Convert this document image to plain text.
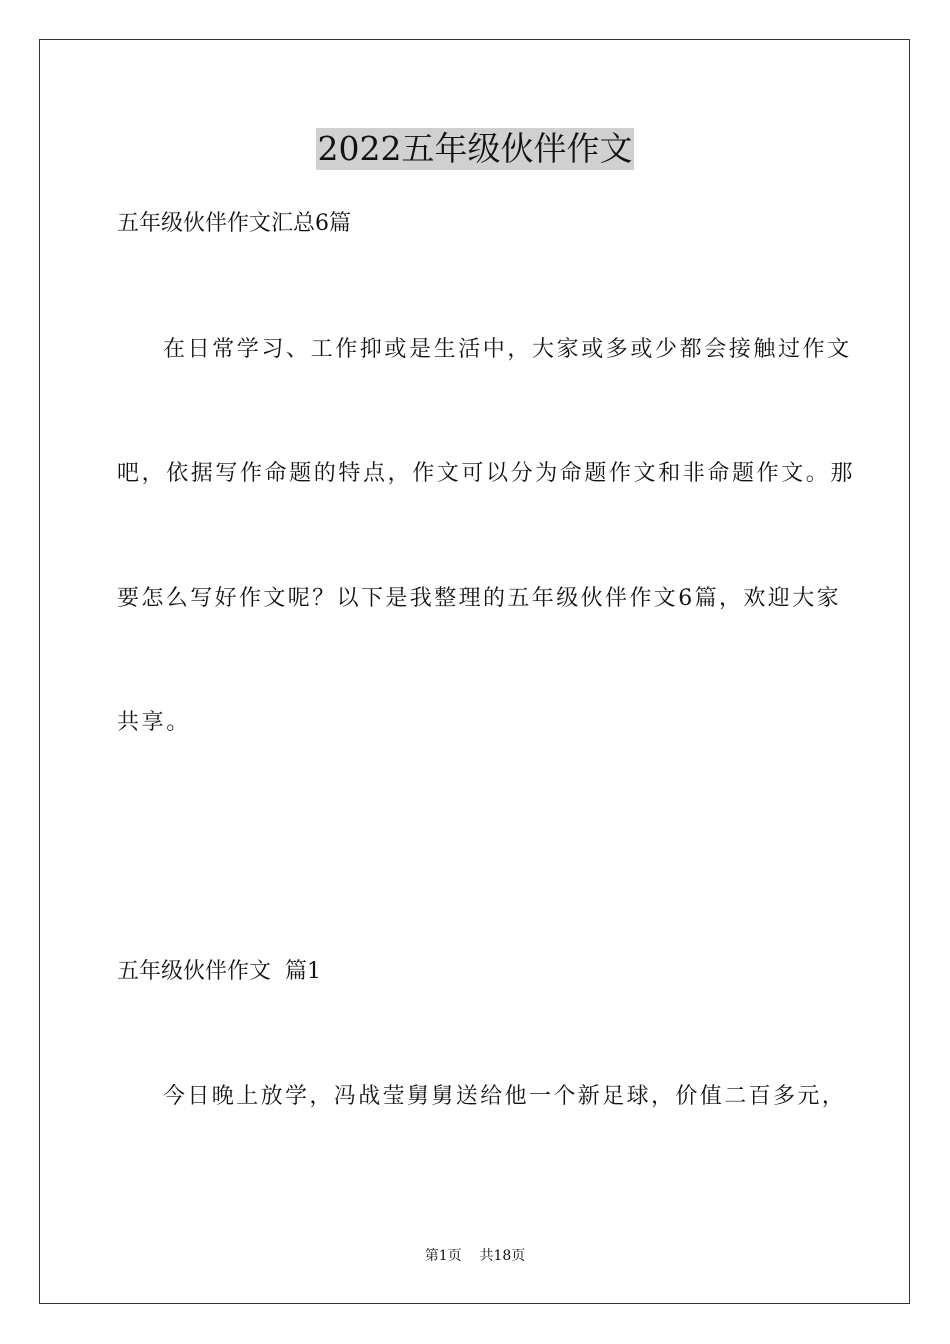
2022五年级伙伴作文
五年级伙伴作文汇总6篇
在日常学习、工作抑或是生活中，大家或多或少都会接触过作文
吧，依据写作命题的特点，作文可以分为命题作文和非命题作文。那
要怎么写好作文呢？以下是我整理的五年级伙伴作文6篇，欢迎大家
共享。
五年级伙伴作文  篇1
今日晚上放学，冯战莹舅舅送给他一个新足球，价值二百多元，
第1页    共18页
